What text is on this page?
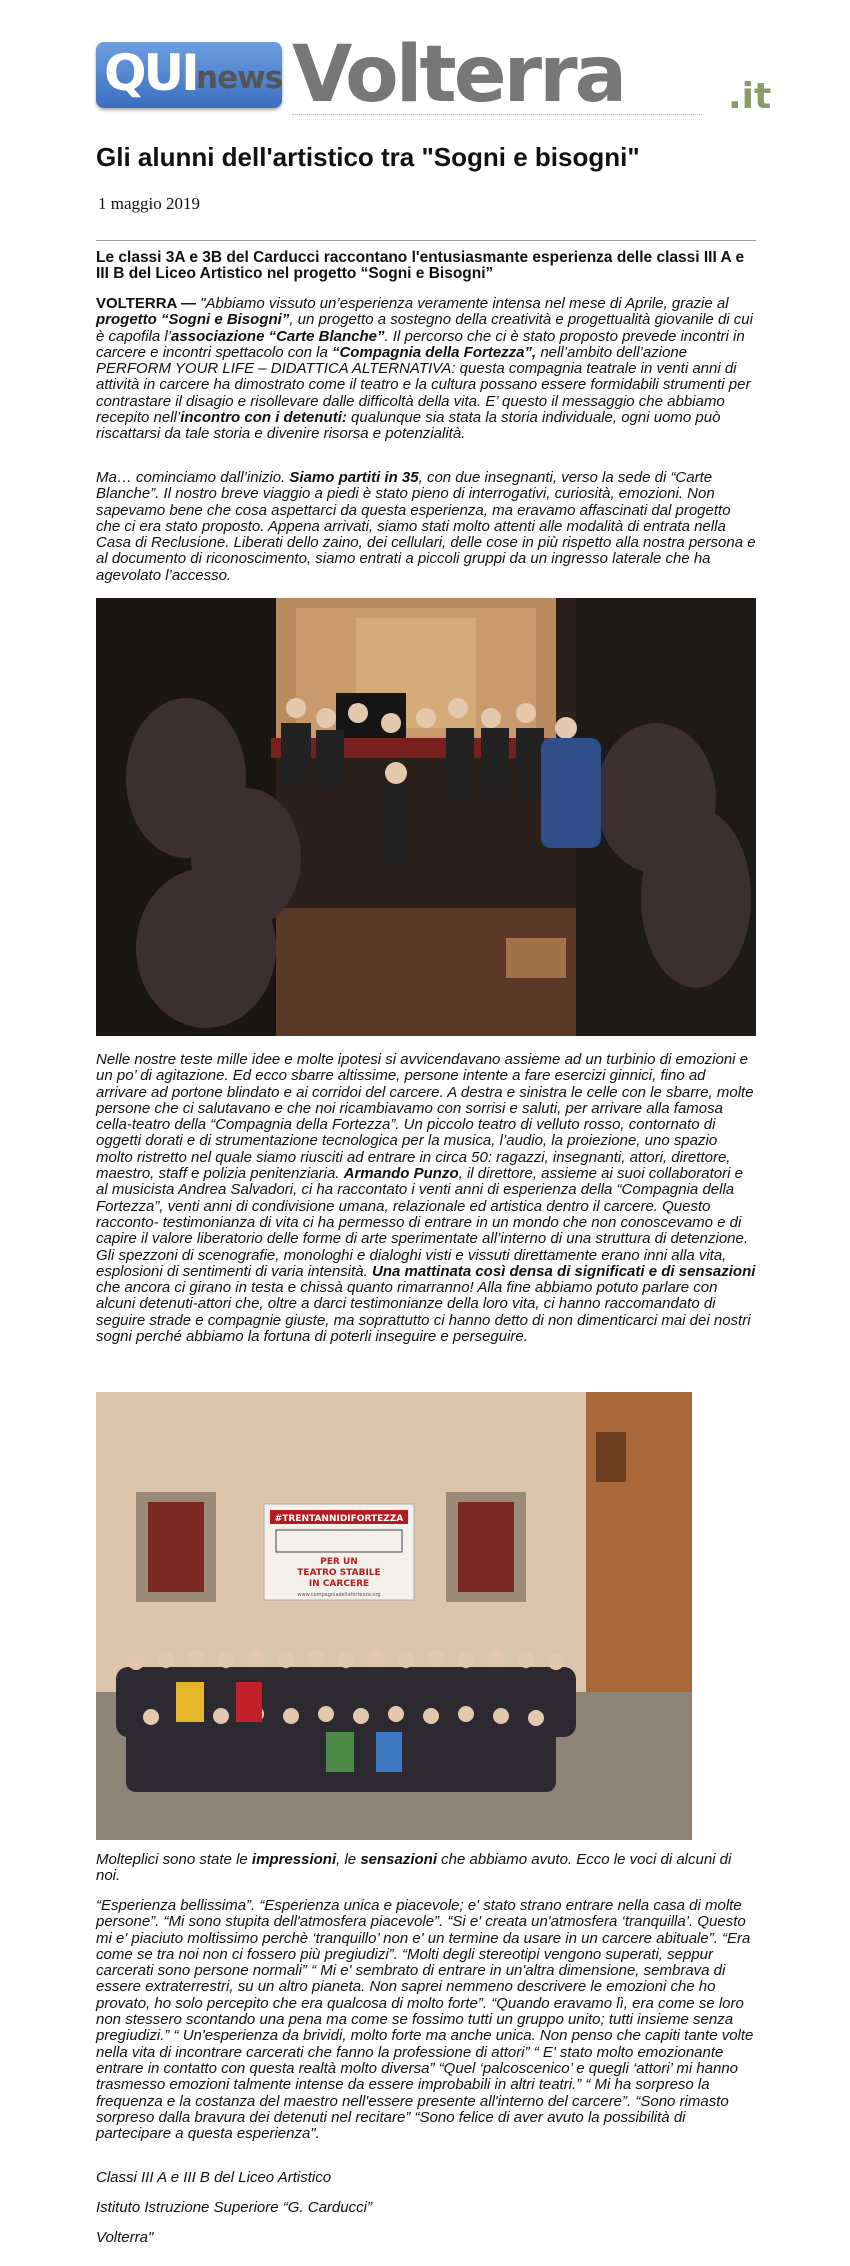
QUI news Volterra	.it
Gli alunni dell'artistico tra "Sogni e bisogni"
1 maggio 2019

Le classi 3A e 3B del Carducci raccontano l'entusiasmante esperienza delle classi III A e III B del Liceo Artistico nel progetto “Sogni e Bisogni”

VOLTERRA — "Abbiamo vissuto un’esperienza veramente intensa nel mese di Aprile, grazie al progetto “Sogni e Bisogni”, un progetto a sostegno della creatività e progettualità giovanile di cui è capofila l’associazione “Carte Blanche”. Il percorso che ci è stato proposto prevede incontri in carcere e incontri spettacolo con la “Compagnia della Fortezza”, nell’ambito dell’azione PERFORM YOUR LIFE – DIDATTICA ALTERNATIVA: questa compagnia teatrale in venti anni di attività in carcere ha dimostrato come il teatro e la cultura possano essere formidabili strumenti per contrastare il disagio e risollevare dalle difficoltà della vita. E’ questo il messaggio che abbiamo recepito nell’incontro con i detenuti: qualunque sia stata la storia individuale, ogni uomo può riscattarsi da tale storia e divenire risorsa e potenzialità.

Ma… cominciamo dall’inizio. Siamo partiti in 35, con due insegnanti, verso la sede di “Carte Blanche”. Il nostro breve viaggio a piedi è stato pieno di interrogativi, curiosità, emozioni. Non sapevamo bene che cosa aspettarci da questa esperienza, ma eravamo affascinati dal progetto che ci era stato proposto. Appena arrivati, siamo stati molto attenti alle modalità di entrata nella Casa di Reclusione. Liberati dello zaino, dei cellulari, delle cose in più rispetto alla nostra persona e al documento di riconoscimento, siamo entrati a piccoli gruppi da un ingresso laterale che ha agevolato l’accesso.

Nelle nostre teste mille idee e molte ipotesi si avvicendavano assieme ad un turbinio di emozioni e un po’ di agitazione. Ed ecco sbarre altissime, persone intente a fare esercizi ginnici, fino ad arrivare ad portone blindato e ai corridoi del carcere. A destra e sinistra le celle con le sbarre, molte persone che ci salutavano e che noi ricambiavamo con sorrisi e saluti, per arrivare alla famosa cella-teatro della “Compagnia della Fortezza”. Un piccolo teatro di velluto rosso, contornato di oggetti dorati e di strumentazione tecnologica per la musica, l’audio, la proiezione, uno spazio molto ristretto nel quale siamo riusciti ad entrare in circa 50: ragazzi, insegnanti, attori, direttore, maestro, staff e polizia penitenziaria. Armando Punzo, il direttore, assieme ai suoi collaboratori e al musicista Andrea Salvadori, ci ha raccontato i venti anni di esperienza della “Compagnia della Fortezza”, venti anni di condivisione umana, relazionale ed artistica dentro il carcere. Questo racconto- testimonianza di vita ci ha permesso di entrare in un mondo che non conoscevamo e di capire il valore liberatorio delle forme di arte sperimentate all’interno di una struttura di detenzione. Gli spezzoni di scenografie, monologhi e dialoghi visti e vissuti direttamente erano inni alla vita, esplosioni di sentimenti di varia intensità. Una mattinata così densa di significati e di sensazioni che ancora ci girano in testa e chissà quanto rimarranno! Alla fine abbiamo potuto parlare con alcuni detenuti-attori che, oltre a darci testimonianze della loro vita, ci hanno raccomandato di seguire strade e compagnie giuste, ma soprattutto ci hanno detto di non dimenticarci mai dei nostri sogni perché abbiamo la fortuna di poterli inseguire e perseguire.

#TRENTANNIDIFORTEZZA
PER UN
TEATRO STABILE
IN CARCERE
www.compagniadellafortezza.org

Molteplici sono state le impressioni, le sensazioni che abbiamo avuto. Ecco le voci di alcuni di noi.

“Esperienza bellissima”. “Esperienza unica e piacevole; e' stato strano entrare nella casa di molte persone”. “Mi sono stupita dell'atmosfera piacevole”. “Si e' creata un'atmosfera ‘tranquilla’. Questo mi e' piaciuto moltissimo perchè ‘tranquillo’ non e' un termine da usare in un carcere abituale”. “Era come se tra noi non ci fossero più pregiudizi”. “Molti degli stereotipi vengono superati, seppur carcerati sono persone normali” “ Mi e' sembrato di entrare in un'altra dimensione, sembrava di essere extraterrestri, su un altro pianeta. Non saprei nemmeno descrivere le emozioni che ho provato, ho solo percepito che era qualcosa di molto forte”. “Quando eravamo lì, era come se loro non stessero scontando una pena ma come se fossimo tutti un gruppo unito; tutti insieme senza pregiudizi.” “ Un'esperienza da brividi, molto forte ma anche unica. Non penso che capiti tante volte nella vita di incontrare carcerati che fanno la professione di attori” “ E' stato molto emozionante entrare in contatto con questa realtà molto diversa” “Quel ‘palcoscenico’ e quegli ‘attori’ mi hanno trasmesso emozioni talmente intense da essere improbabili in altri teatri.” “ Mi ha sorpreso la frequenza e la costanza del maestro nell'essere presente all'interno del carcere”. “Sono rimasto sorpreso dalla bravura dei detenuti nel recitare” “Sono felice di aver avuto la possibilità di partecipare a questa esperienza".

Classi III A e III B del Liceo Artistico

Istituto Istruzione Superiore “G. Carducci”

Volterra"
